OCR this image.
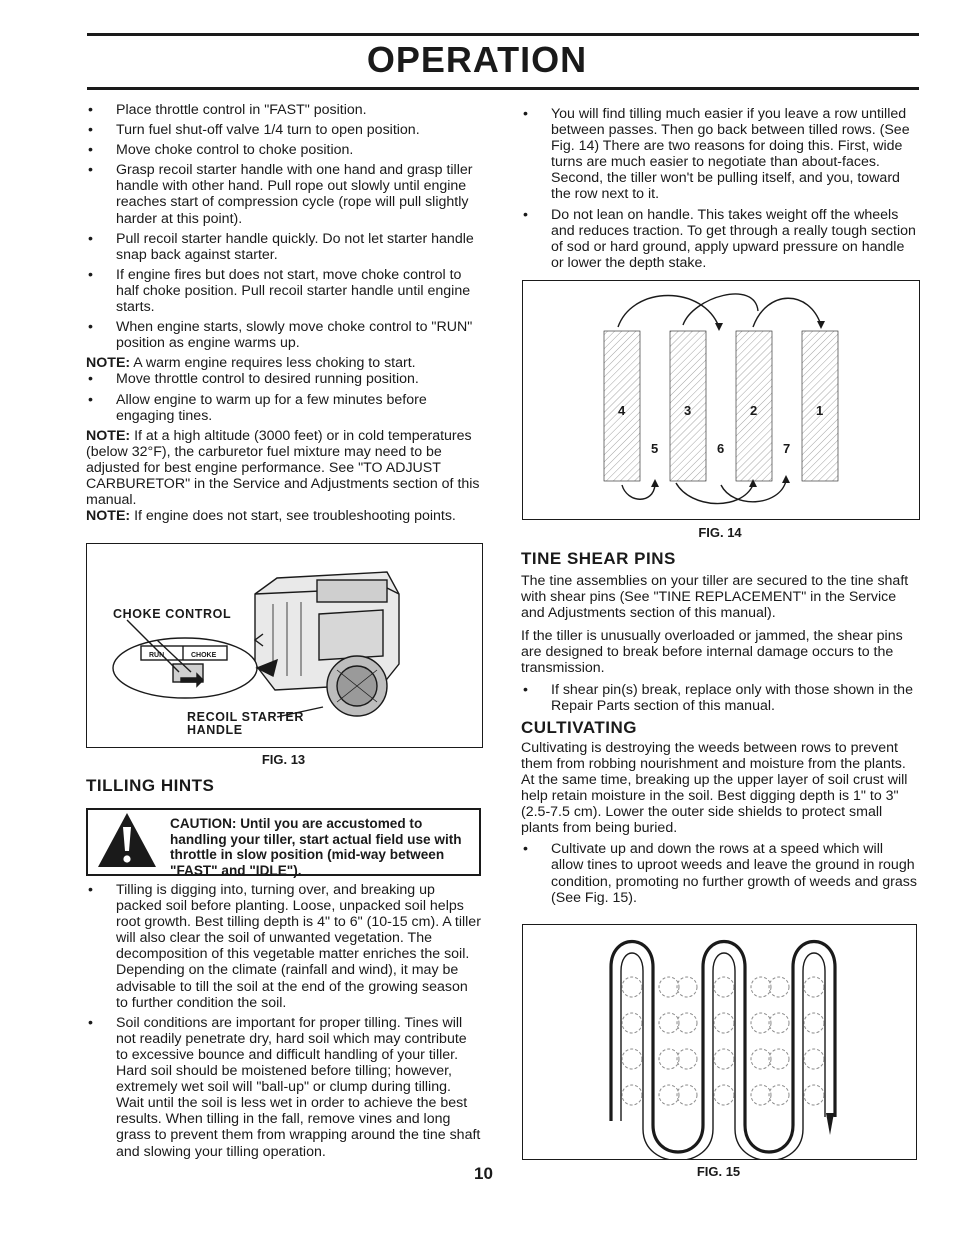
OPERATION
• Place throttle control in "FAST" position.
• Turn fuel shut-off valve 1/4 turn to open position.
• Move choke control to choke position.
• Grasp recoil starter handle with one hand and grasp tiller handle with other hand. Pull rope out slowly until engine reaches start of compression cycle (rope will pull slightly harder at this point).
• Pull recoil starter handle quickly. Do not let starter handle snap back against starter.
• If engine fires but does not start, move choke control to half choke position. Pull recoil starter handle until engine starts.
• When engine starts, slowly move choke control to "RUN" position as engine warms up.

NOTE: A warm engine requires less choking to start.

• Move throttle control to desired running position.
• Allow engine to warm up for a few minutes before engaging tines.

NOTE: If at a high altitude (3000 feet) or in cold temperatures (below 32°F), the carburetor fuel mixture may need to be adjusted for best engine performance. See "TO ADJUST CARBURETOR" in the Service and Adjustments section of this manual.

NOTE: If engine does not start, see troubleshooting points.

CHOKE CONTROL
RUN	CHOKE
RECOIL STARTER
HANDLE
FIG. 13
TILLING HINTS
CAUTION: Until you are accustomed to handling your tiller, start actual field use with throttle in slow position (mid-way between "FAST" and "IDLE").
• Tilling is digging into, turning over, and breaking up packed soil before planting. Loose, unpacked soil helps root growth. Best tilling depth is 4" to 6" (10-15 cm). A tiller will also clear the soil of unwanted vegetation. The decomposition of this vegetable matter enriches the soil. Depending on the climate (rainfall and wind), it may be advisable to till the soil at the end of the growing season to further condition the soil.
• Soil conditions are important for proper tilling. Tines will not readily penetrate dry, hard soil which may contribute to excessive bounce and difficult handling of your tiller. Hard soil should be moistened before tilling; however, extremely wet soil will "ball-up" or clump during tilling. Wait until the soil is less wet in order to achieve the best results. When tilling in the fall, remove vines and long grass to prevent them from wrapping around the tine shaft and slowing your tilling operation.
• You will find tilling much easier if you leave a row untilled between passes. Then go back between tilled rows. (See Fig. 14) There are two reasons for doing this. First, wide turns are much easier to negotiate than about-faces. Second, the tiller won't be pulling itself, and you, toward the row next to it.
• Do not lean on handle. This takes weight off the wheels and reduces traction. To get through a really tough section of sod or hard ground, apply upward pressure on handle or lower the depth stake.
4	3	2	1
5	6	7
FIG. 14
TINE SHEAR PINS

The tine assemblies on your tiller are secured to the tine shaft with shear pins (See "TINE REPLACEMENT" in the Service and Adjustments section of this manual).

If the tiller is unusually overloaded or jammed, the shear pins are designed to break before internal damage occurs to the transmission.

• If shear pin(s) break, replace only with those shown in the Repair Parts section of this manual.
CULTIVATING

Cultivating is destroying the weeds between rows to prevent them from robbing nourishment and moisture from the plants. At the same time, breaking up the upper layer of soil crust will help retain moisture in the soil. Best digging depth is 1" to 3" (2.5-7.5 cm). Lower the outer side shields to protect small plants from being buried.

• Cultivate up and down the rows at a speed which will allow tines to uproot weeds and leave the ground in rough condition, promoting no further growth of weeds and grass (See Fig. 15).
FIG. 15
10
